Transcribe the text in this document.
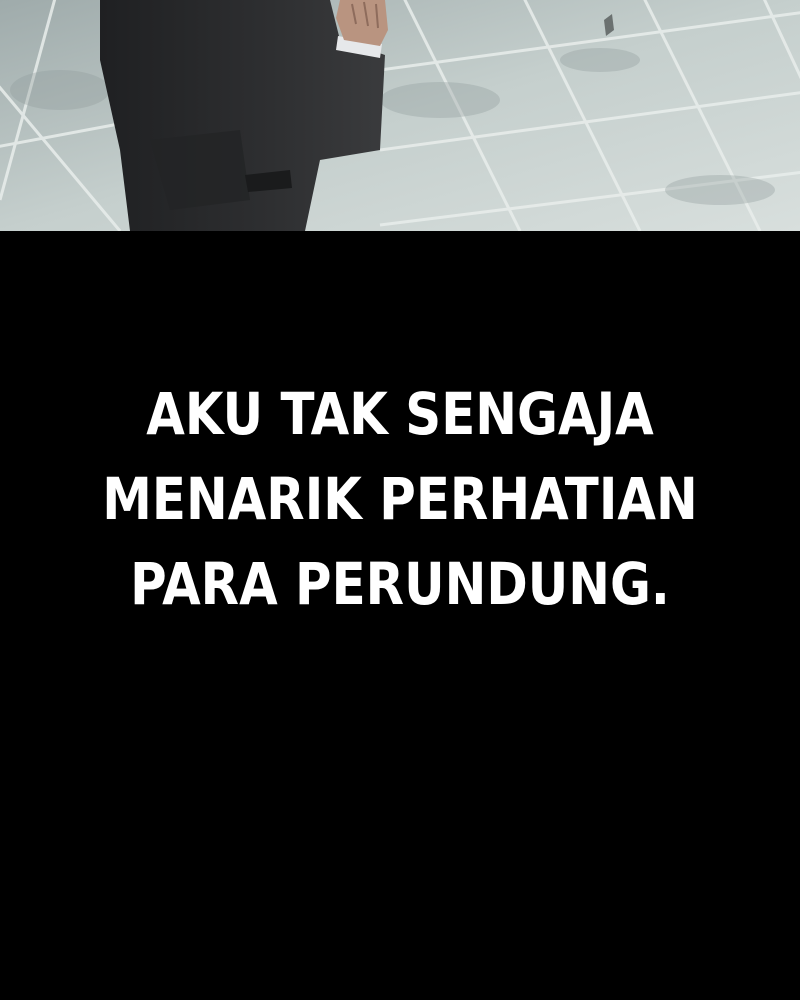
AKU TAK SENGAJA
MENARIK PERHATIAN
PARA PERUNDUNG.
